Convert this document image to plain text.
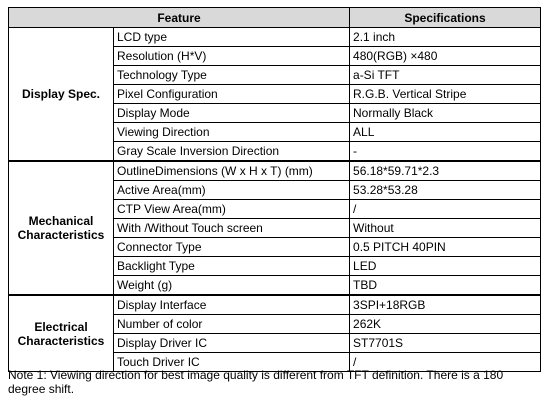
Feature		Specifications
Display Spec.	LCD type	2.1 inch
	Resolution (H*V)	480(RGB) ×480
	Technology Type	a-Si TFT
	Pixel Configuration	R.G.B. Vertical Stripe
	Display Mode	Normally Black
	Viewing Direction	ALL
	Gray Scale Inversion Direction	-
Mechanical Characteristics	OutlineDimensions (W x H x T) (mm)	56.18*59.71*2.3
	Active Area(mm)	53.28*53.28
	CTP View Area(mm)	/
	With /Without Touch screen	Without
	Connector Type	0.5 PITCH 40PIN
	Backlight Type	LED
	Weight (g)	TBD
Electrical Characteristics	Display Interface	3SPI+18RGB
	Number of color	262K
	Display Driver IC	ST7701S
	Touch Driver IC	/
Note 1: Viewing direction for best image quality is different from TFT definition. There is a 180 degree shift.
